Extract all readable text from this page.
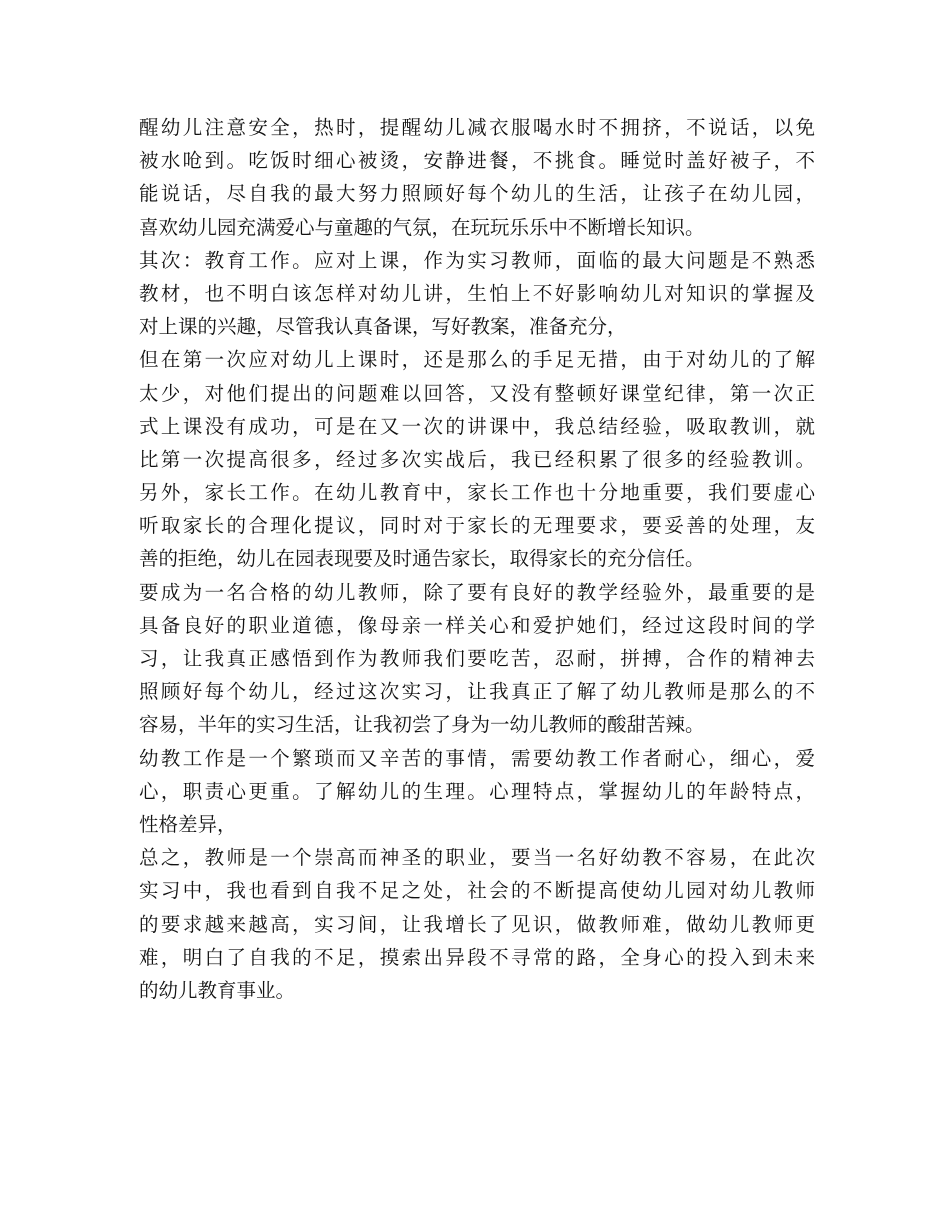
醒幼儿注意安全，热时，提醒幼儿减衣服喝水时不拥挤，不说话，以免
被水呛到。吃饭时细心被烫，安静进餐，不挑食。睡觉时盖好被子，不
能说话，尽自我的最大努力照顾好每个幼儿的生活，让孩子在幼儿园，
喜欢幼儿园充满爱心与童趣的气氛，在玩玩乐乐中不断增长知识。
其次：教育工作。应对上课，作为实习教师，面临的最大问题是不熟悉
教材，也不明白该怎样对幼儿讲，生怕上不好影响幼儿对知识的掌握及
对上课的兴趣，尽管我认真备课，写好教案，准备充分，
但在第一次应对幼儿上课时，还是那么的手足无措，由于对幼儿的了解
太少，对他们提出的问题难以回答，又没有整顿好课堂纪律，第一次正
式上课没有成功，可是在又一次的讲课中，我总结经验，吸取教训，就
比第一次提高很多，经过多次实战后，我已经积累了很多的经验教训。
另外，家长工作。在幼儿教育中，家长工作也十分地重要，我们要虚心
听取家长的合理化提议，同时对于家长的无理要求，要妥善的处理，友
善的拒绝，幼儿在园表现要及时通告家长，取得家长的充分信任。
要成为一名合格的幼儿教师，除了要有良好的教学经验外，最重要的是
具备良好的职业道德，像母亲一样关心和爱护她们，经过这段时间的学
习，让我真正感悟到作为教师我们要吃苦，忍耐，拼搏，合作的精神去
照顾好每个幼儿，经过这次实习，让我真正了解了幼儿教师是那么的不
容易，半年的实习生活，让我初尝了身为一幼儿教师的酸甜苦辣。
幼教工作是一个繁琐而又辛苦的事情，需要幼教工作者耐心，细心，爱
心，职责心更重。了解幼儿的生理。心理特点，掌握幼儿的年龄特点，
性格差异，
总之，教师是一个崇高而神圣的职业，要当一名好幼教不容易，在此次
实习中，我也看到自我不足之处，社会的不断提高使幼儿园对幼儿教师
的要求越来越高，实习间，让我增长了见识，做教师难，做幼儿教师更
难，明白了自我的不足，摸索出异段不寻常的路，全身心的投入到未来
的幼儿教育事业。
